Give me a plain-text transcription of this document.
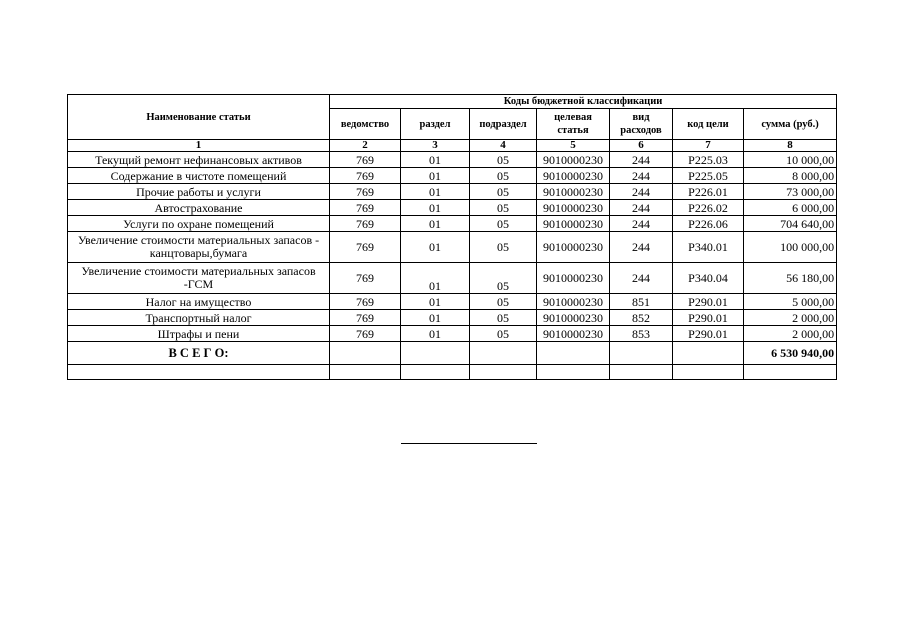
Наименование статьи	Коды бюджетной классификации						
	ведомство	раздел	подраздел	целевая статья	вид расходов	код цели	сумма (руб.)
1	2	3	4	5	6	7	8
Текущий ремонт нефинансовых активов	769	01	05	9010000230	244	Р225.03	10 000,00
Содержание в чистоте помещений	769	01	05	9010000230	244	Р225.05	8 000,00
Прочие работы и услуги	769	01	05	9010000230	244	Р226.01	73 000,00
Автострахование	769	01	05	9010000230	244	Р226.02	6 000,00
Услуги по охране помещений	769	01	05	9010000230	244	Р226.06	704 640,00
Увеличение стоимости материальных запасов - канцтовары,бумага	769	01	05	9010000230	244	Р340.01	100 000,00
Увеличение стоимости материальных запасов -ГСМ	769	01	05	9010000230	244	Р340.04	56 180,00
Налог на имущество	769	01	05	9010000230	851	Р290.01	5 000,00
Транспортный налог	769	01	05	9010000230	852	Р290.01	2 000,00
Штрафы и пени	769	01	05	9010000230	853	Р290.01	2 000,00
В С Е Г О:							6 530 940,00
